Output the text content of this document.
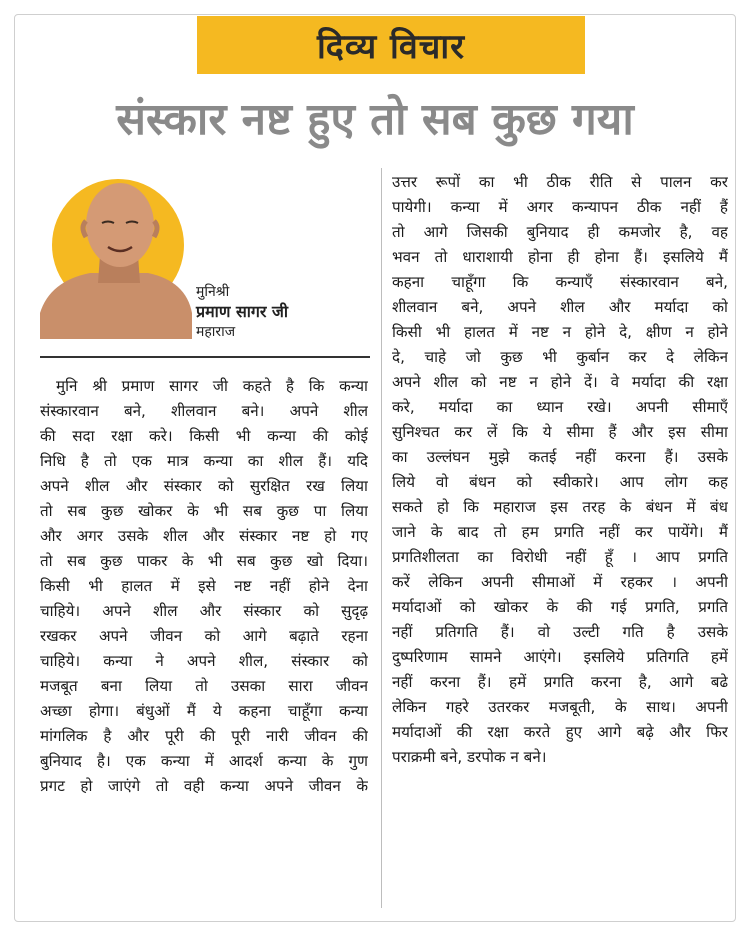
दिव्य विचार
संस्कार नष्ट हुए तो सब कुछ गया
मुनिश्री
प्रमाण सागर जी
महाराज
मुनि श्री प्रमाण सागर जी कहते है कि कन्या
संस्कारवान बने, शीलवान बने। अपने शील
की सदा रक्षा करे। किसी भी कन्या की कोई
निधि है तो एक मात्र कन्या का शील हैं। यदि
अपने शील और संस्कार को सुरक्षित रख लिया
तो सब कुछ खोकर के भी सब कुछ पा लिया
और अगर उसके शील और संस्कार नष्ट हो गए
तो सब कुछ पाकर के भी सब कुछ खो दिया।
किसी भी हालत में इसे नष्ट नहीं होने देना
चाहिये। अपने शील और संस्कार को सुदृढ़
रखकर अपने जीवन को आगे बढ़ाते रहना
चाहिये। कन्या ने अपने शील, संस्कार को
मजबूत बना लिया तो उसका सारा जीवन
अच्छा होगा। बंधुओं मैं ये कहना चाहूँगा कन्या
मांगलिक है और पूरी की पूरी नारी जीवन की
बुनियाद है। एक कन्या में आदर्श कन्या के गुण
प्रगट हो जाएंगे तो वही कन्या अपने जीवन के
उत्तर रूपों का भी ठीक रीति से पालन कर
पायेगी। कन्या में अगर कन्यापन ठीक नहीं हैं
तो आगे जिसकी बुनियाद ही कमजोर है, वह
भवन तो धाराशायी होना ही होना हैं। इसलिये मैं
कहना चाहूँगा कि कन्याएँ संस्कारवान बने,
शीलवान बने, अपने शील और मर्यादा को
किसी भी हालत में नष्ट न होने दे, क्षीण न होने
दे, चाहे जो कुछ भी कुर्बान कर दे लेकिन
अपने शील को नष्ट न होने दें। वे मर्यादा की रक्षा
करे, मर्यादा का ध्यान रखे। अपनी सीमाएँ
सुनिश्चत कर लें कि ये सीमा हैं और इस सीमा
का उल्लंघन मुझे कतई नहीं करना हैं। उसके
लिये वो बंधन को स्वीकारे। आप लोग कह
सकते हो कि महाराज इस तरह के बंधन में बंध
जाने के बाद तो हम प्रगति नहीं कर पायेंगे। मैं
प्रगतिशीलता का विरोधी नहीं हूँ । आप प्रगति
करें लेकिन अपनी सीमाओं में रहकर । अपनी
मर्यादाओं को खोकर के की गई प्रगति, प्रगति
नहीं प्रतिगति हैं। वो उल्टी गति है उसके
दुष्परिणाम सामने आएंगे। इसलिये प्रतिगति हमें
नहीं करना हैं। हमें प्रगति करना है, आगे बढे
लेकिन गहरे उतरकर मजबूती, के साथ। अपनी
मर्यादाओं की रक्षा करते हुए आगे बढ़े और फिर
पराक्रमी बने, डरपोक न बने।
